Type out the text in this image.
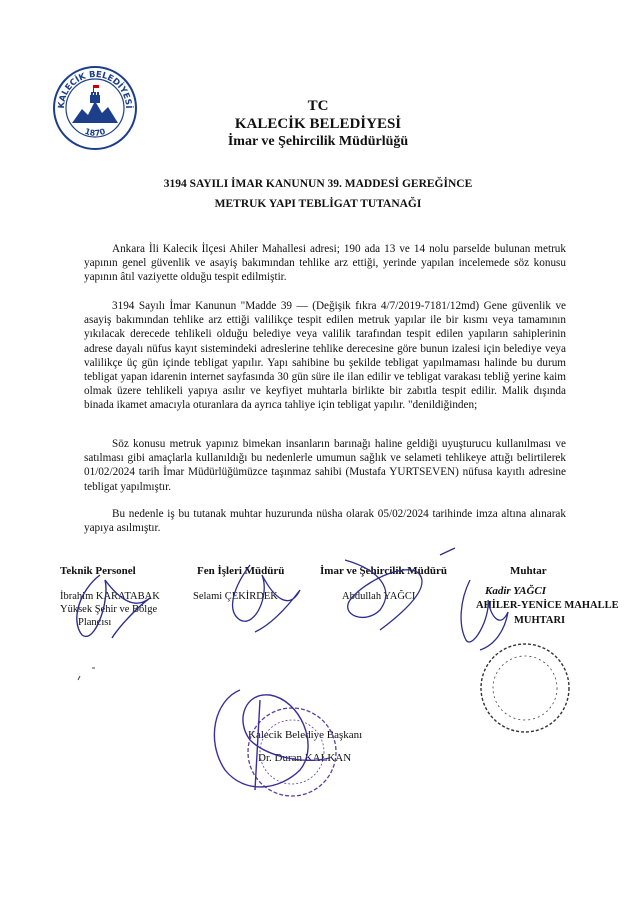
KALECİK BELEDİYESİ
1870
TC
KALECİK BELEDİYESİ
İmar ve Şehircilik Müdürlüğü
3194 SAYILI İMAR KANUNUN 39. MADDESİ GEREĞİNCE
METRUK YAPI TEBLİGAT TUTANAĞI

Ankara İli Kalecik İlçesi Ahiler Mahallesi adresi; 190 ada 13 ve 14 nolu parselde bulunan metruk yapının genel güvenlik ve asayiş bakımından tehlike arz ettiği, yerinde yapılan incelemede söz konusu yapının âtıl vaziyette olduğu tespit edilmiştir.

3194 Sayılı İmar Kanunun "Madde 39 — (Değişik fıkra 4/7/2019-7181/12md) Gene güvenlik ve asayiş bakımından tehlike arz ettiği valilikçe tespit edilen metruk yapılar ile bir kısmı veya tamamının yıkılacak derecede tehlikeli olduğu belediye veya valilik tarafından tespit edilen yapıların sahiplerinin adrese dayalı nüfus kayıt sistemindeki adreslerine tehlike derecesine göre bunun izalesi için belediye veya valilikçe üç gün içinde tebligat yapılır. Yapı sahibine bu şekilde tebligat yapılmaması halinde bu durum tebligat yapan idarenin internet sayfasında 30 gün süre ile ilan edilir ve tebligat varakası tebliğ yerine kaim olmak üzere tehlikeli yapıya asılır ve keyfiyet muhtarla birlikte bir zabıtla tespit edilir. Malik dışında binada ikamet amacıyla oturanlara da ayrıca tahliye için tebligat yapılır. "denildiğinden;

Söz konusu metruk yapınız bimekan insanların barınağı haline geldiği uyuşturucu kullanılması ve satılması gibi amaçlarla kullanıldığı bu nedenlerle umumun sağlık ve selameti tehlikeye attığı belirtilerek 01/02/2024 tarih İmar Müdürlüğümüzce taşınmaz sahibi (Mustafa YURTSEVEN) nüfusa kayıtlı adresine tebligat yapılmıştır.

Bu nedenle iş bu tutanak muhtar huzurunda nüsha olarak 05/02/2024 tarihinde imza altına alınarak yapıya asılmıştır.

Teknik Personel
İbrahim KARATABAK
Yüksek Şehir ve Bölge
Plancısı
Fen İşleri Müdürü
Selami ÇEKİRDEK
İmar ve Şehircilik Müdürü
Abdullah YAĞCI
Muhtar
Kadir YAĞCI
AHİLER-YENİCE MAHALLE
MUHTARI
Kalecik Belediye Başkanı
Dr. Duran KALKAN
